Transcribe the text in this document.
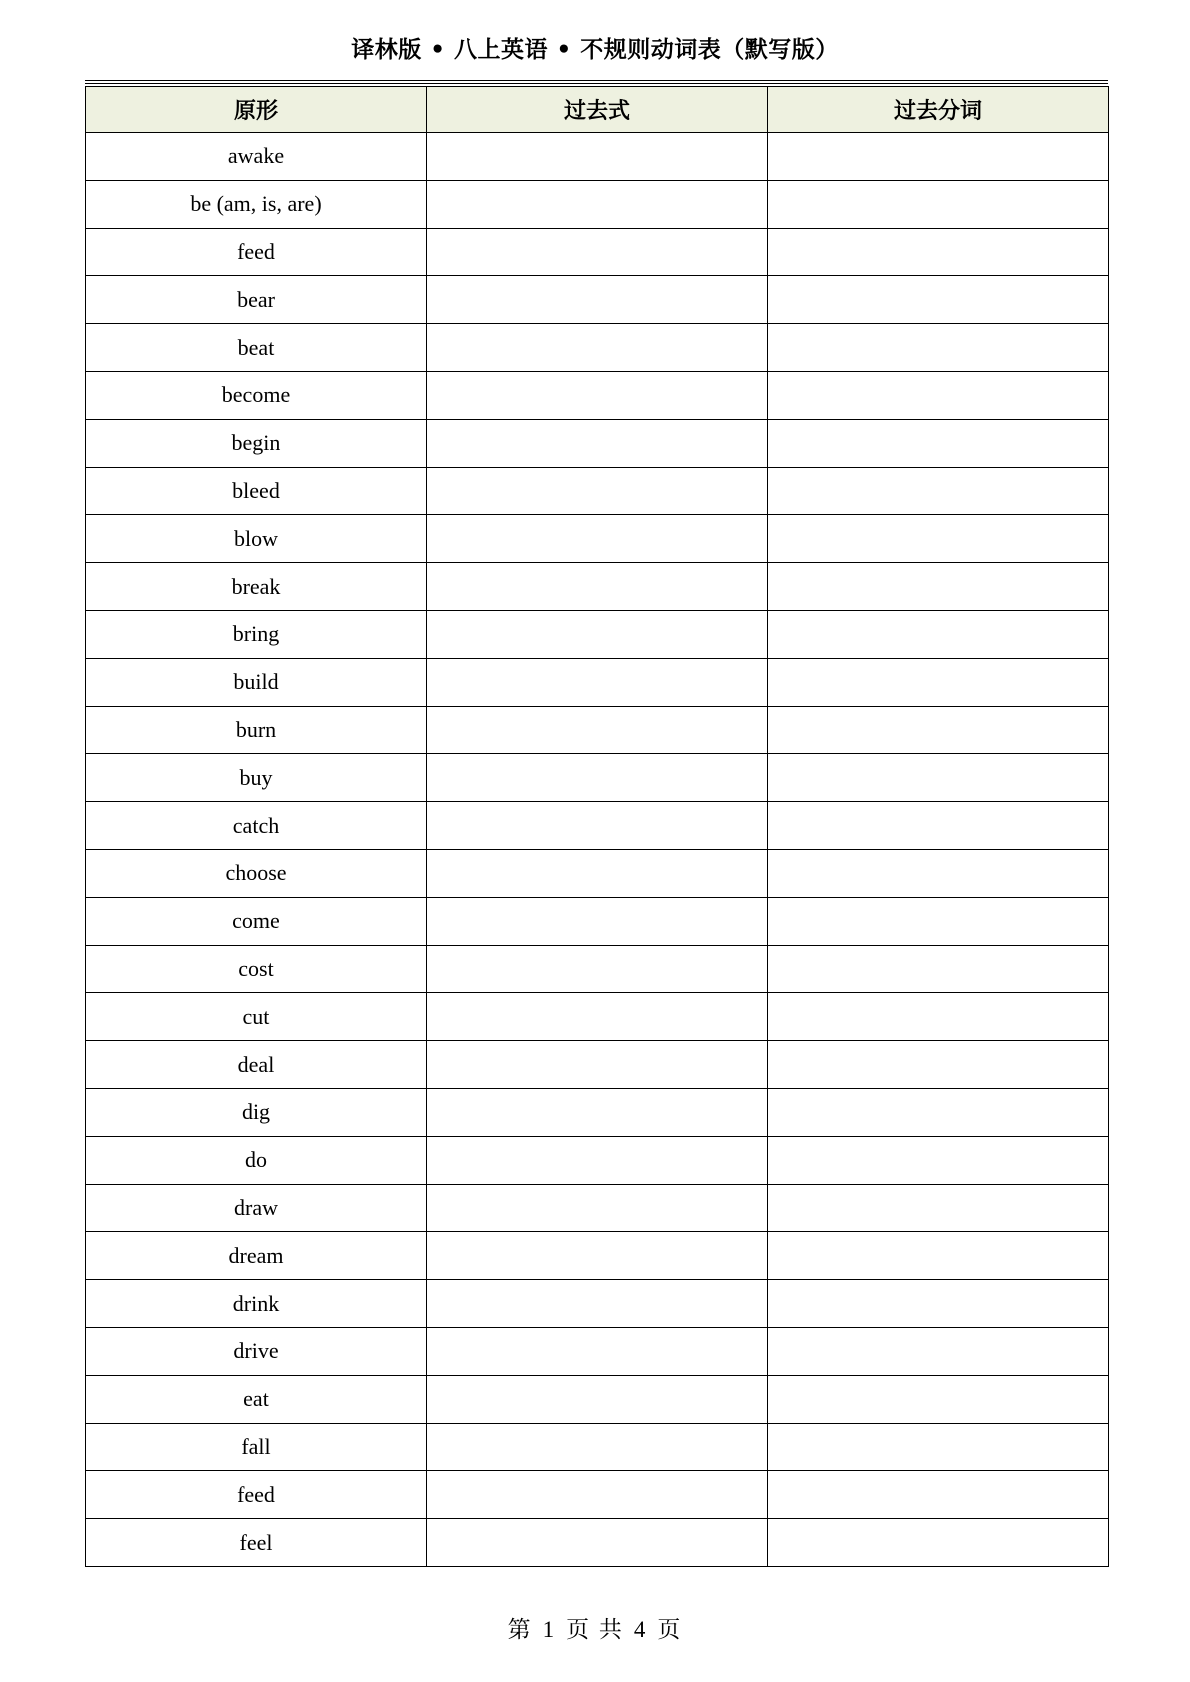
译林版 • 八上英语 • 不规则动词表（默写版）
原形	过去式	过去分词
awake		
be (am, is, are)		
feed		
bear		
beat		
become		
begin		
bleed		
blow		
break		
bring		
build		
burn		
buy		
catch		
choose		
come		
cost		
cut		
deal		
dig		
do		
draw		
dream		
drink		
drive		
eat		
fall		
feed		
feel		
第 1 页 共 4 页
